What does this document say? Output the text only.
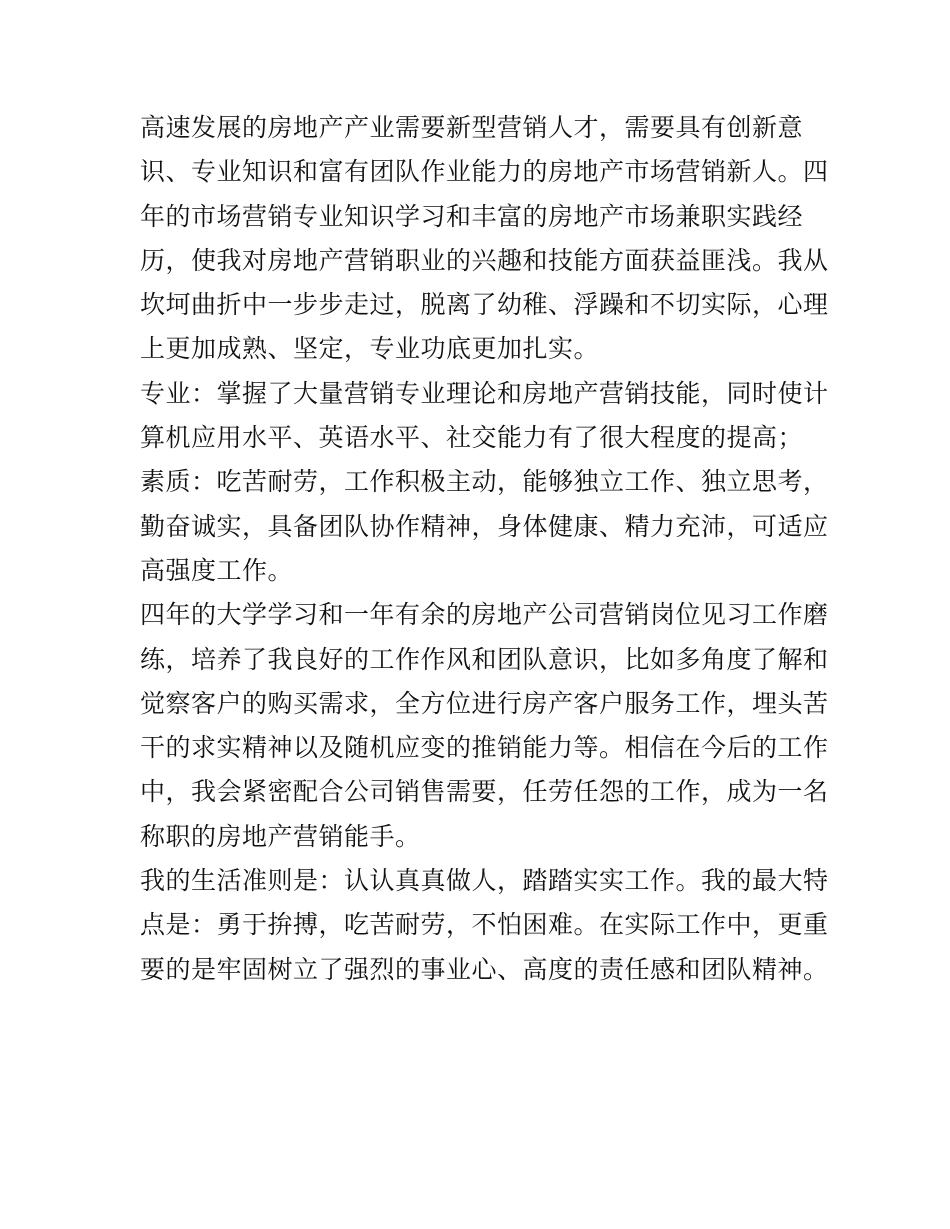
高速发展的房地产产业需要新型营销人才，需要具有创新意
识、专业知识和富有团队作业能力的房地产市场营销新人。四
年的市场营销专业知识学习和丰富的房地产市场兼职实践经
历，使我对房地产营销职业的兴趣和技能方面获益匪浅。我从
坎坷曲折中一步步走过，脱离了幼稚、浮躁和不切实际，心理
上更加成熟、坚定，专业功底更加扎实。
专业：掌握了大量营销专业理论和房地产营销技能，同时使计
算机应用水平、英语水平、社交能力有了很大程度的提高；
素质：吃苦耐劳，工作积极主动，能够独立工作、独立思考，
勤奋诚实，具备团队协作精神，身体健康、精力充沛，可适应
高强度工作。
四年的大学学习和一年有余的房地产公司营销岗位见习工作磨
练，培养了我良好的工作作风和团队意识，比如多角度了解和
觉察客户的购买需求，全方位进行房产客户服务工作，埋头苦
干的求实精神以及随机应变的推销能力等。相信在今后的工作
中，我会紧密配合公司销售需要，任劳任怨的工作，成为一名
称职的房地产营销能手。
我的生活准则是：认认真真做人，踏踏实实工作。我的最大特
点是：勇于拚搏，吃苦耐劳，不怕困难。在实际工作中，更重
要的是牢固树立了强烈的事业心、高度的责任感和团队精神。
